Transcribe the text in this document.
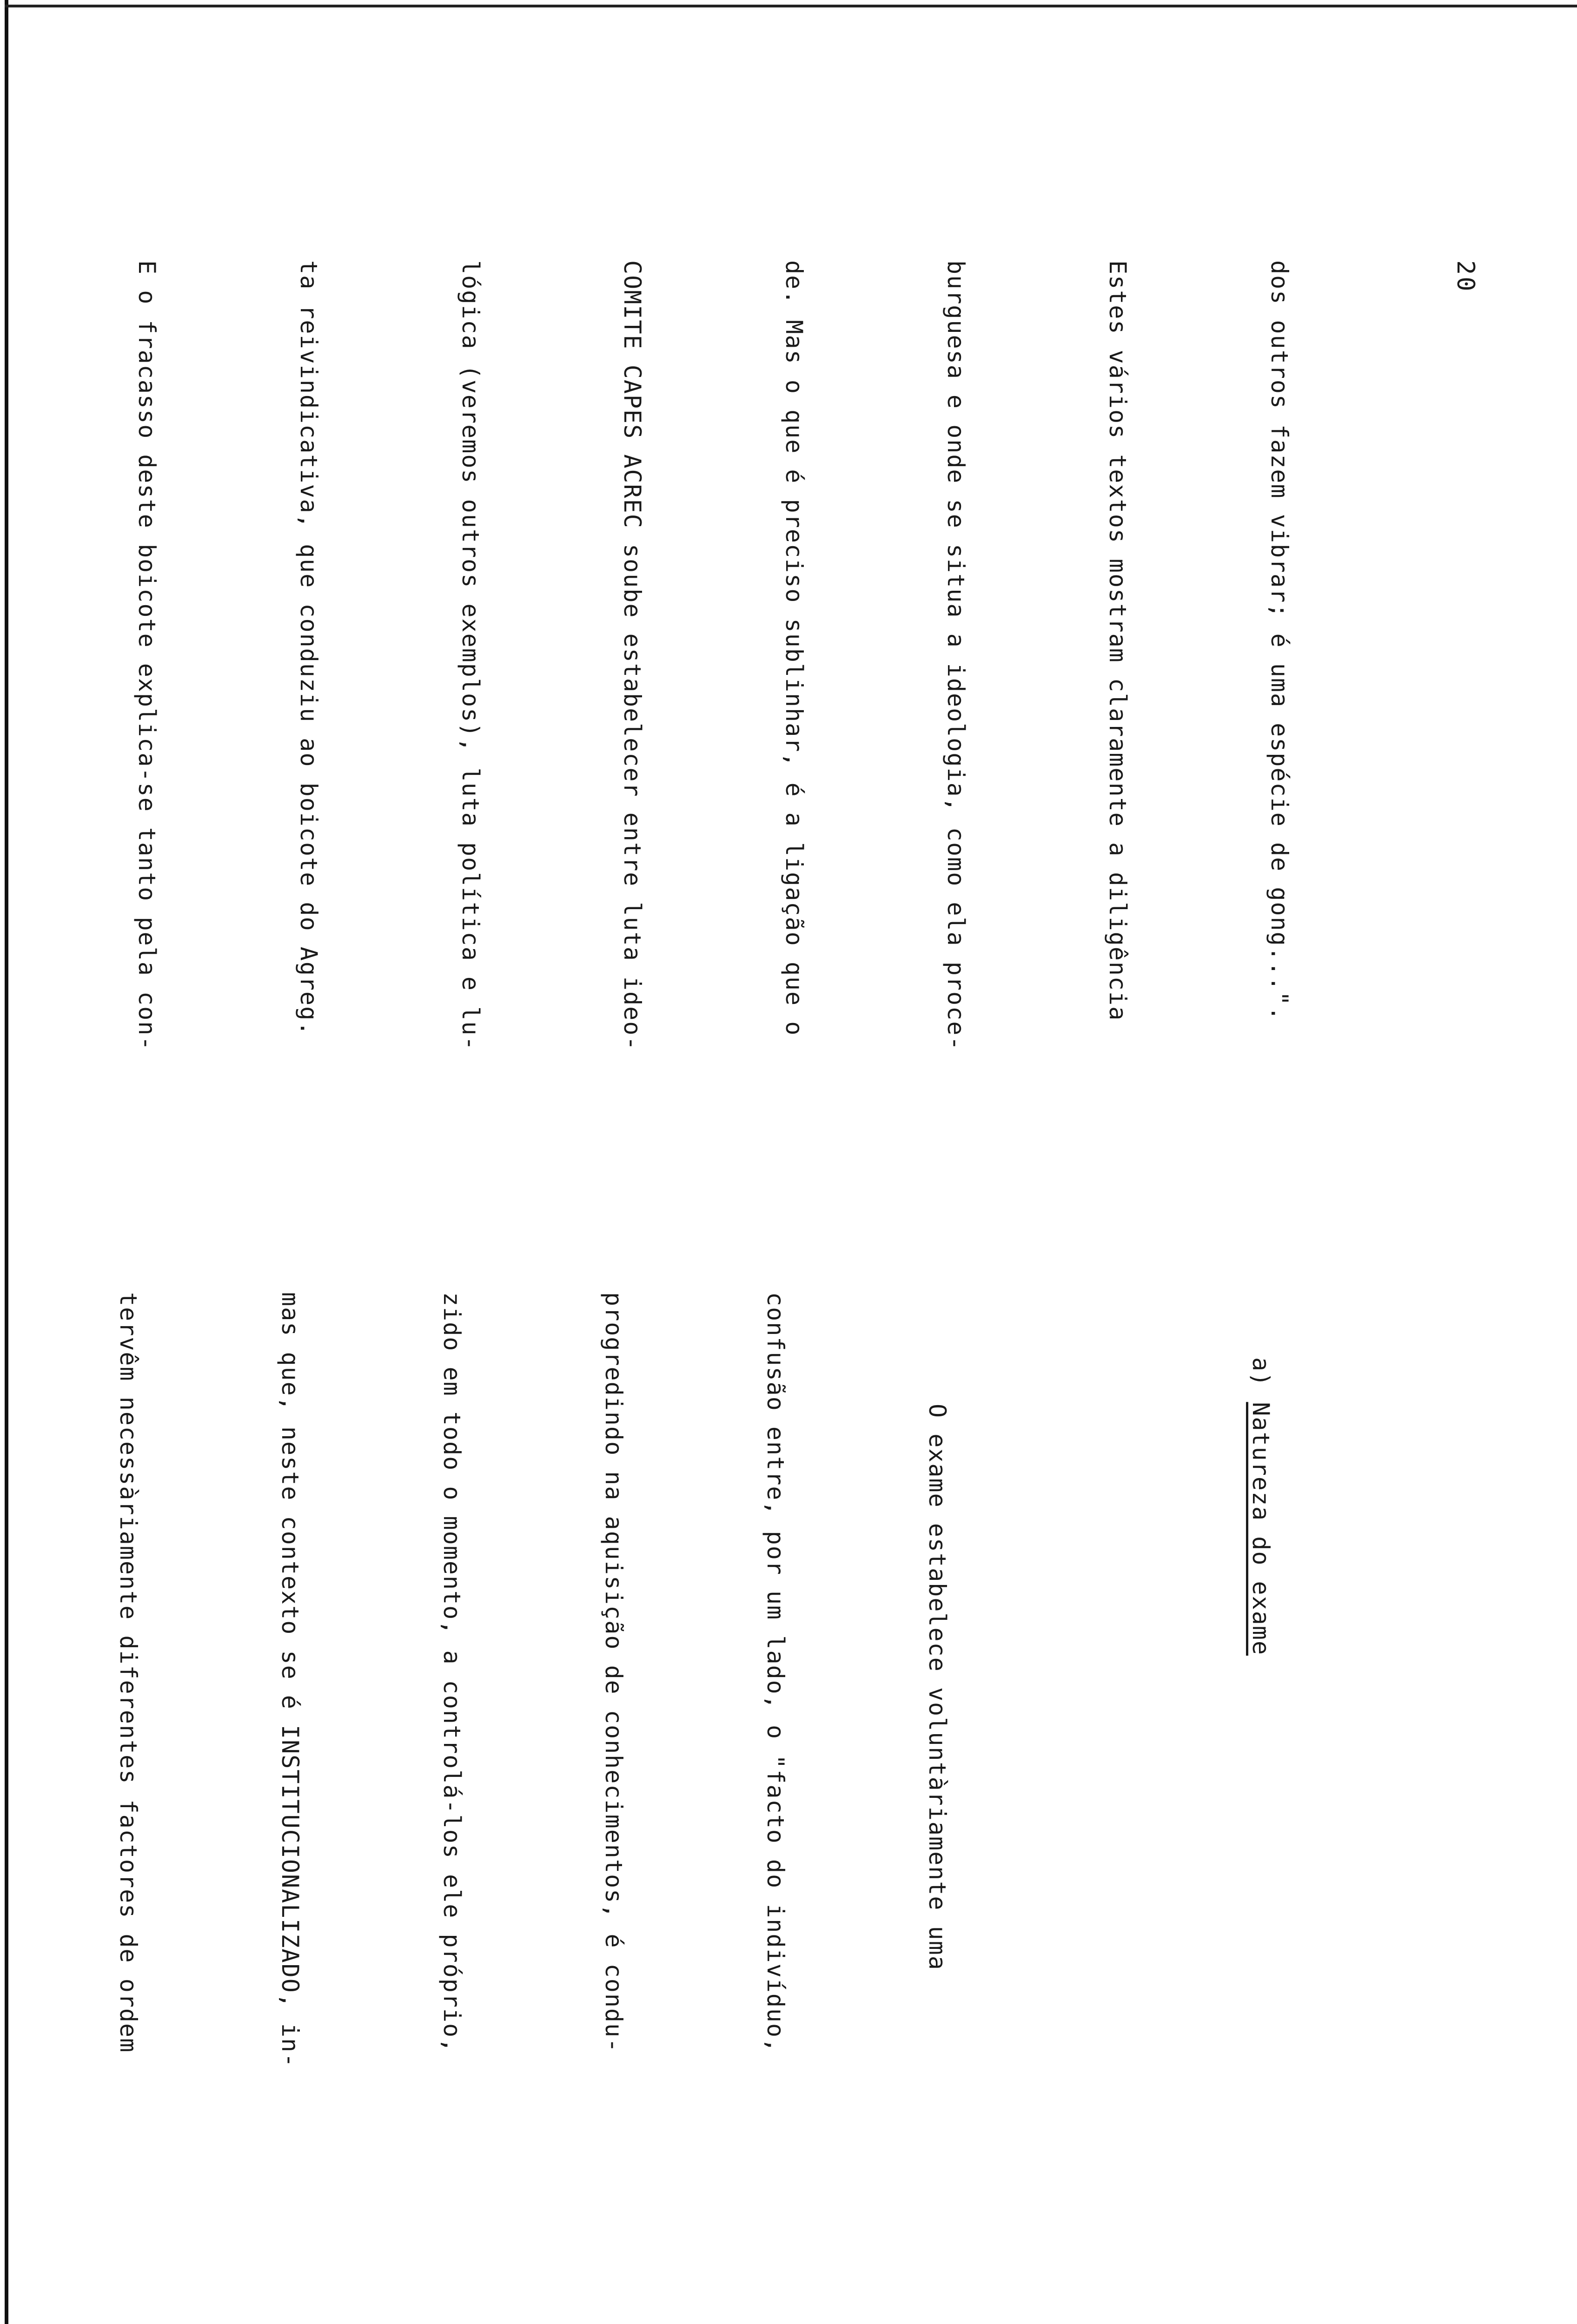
20

dos outros fazem vibrar; é uma espécie de gong...".

Estes vários textos mostram claramente a diligência

burguesa e onde se situa a ideologia, como ela proce-

de. Mas o que é preciso sublinhar, é a ligação que o

COMITE CAPES ACREC soube estabelecer entre luta ideo-

lógica (veremos outros exemplos), luta política e lu-

ta reivindicativa, que conduziu ao boicote do Agreg.

E o fracasso deste boicote explica-se tanto pela con-

a) Natureza do exame

O exame estabelece voluntàriamente uma

confusão entre, por um lado, o "facto do indivíduo,

progredindo na aquisição de conhecimentos, é condu-

zido em todo o momento, a controlá-los ele próprio,

mas que, neste contexto se é INSTITUCIONALIZADO, in-

tervêm necessàriamente diferentes factores de ordem
